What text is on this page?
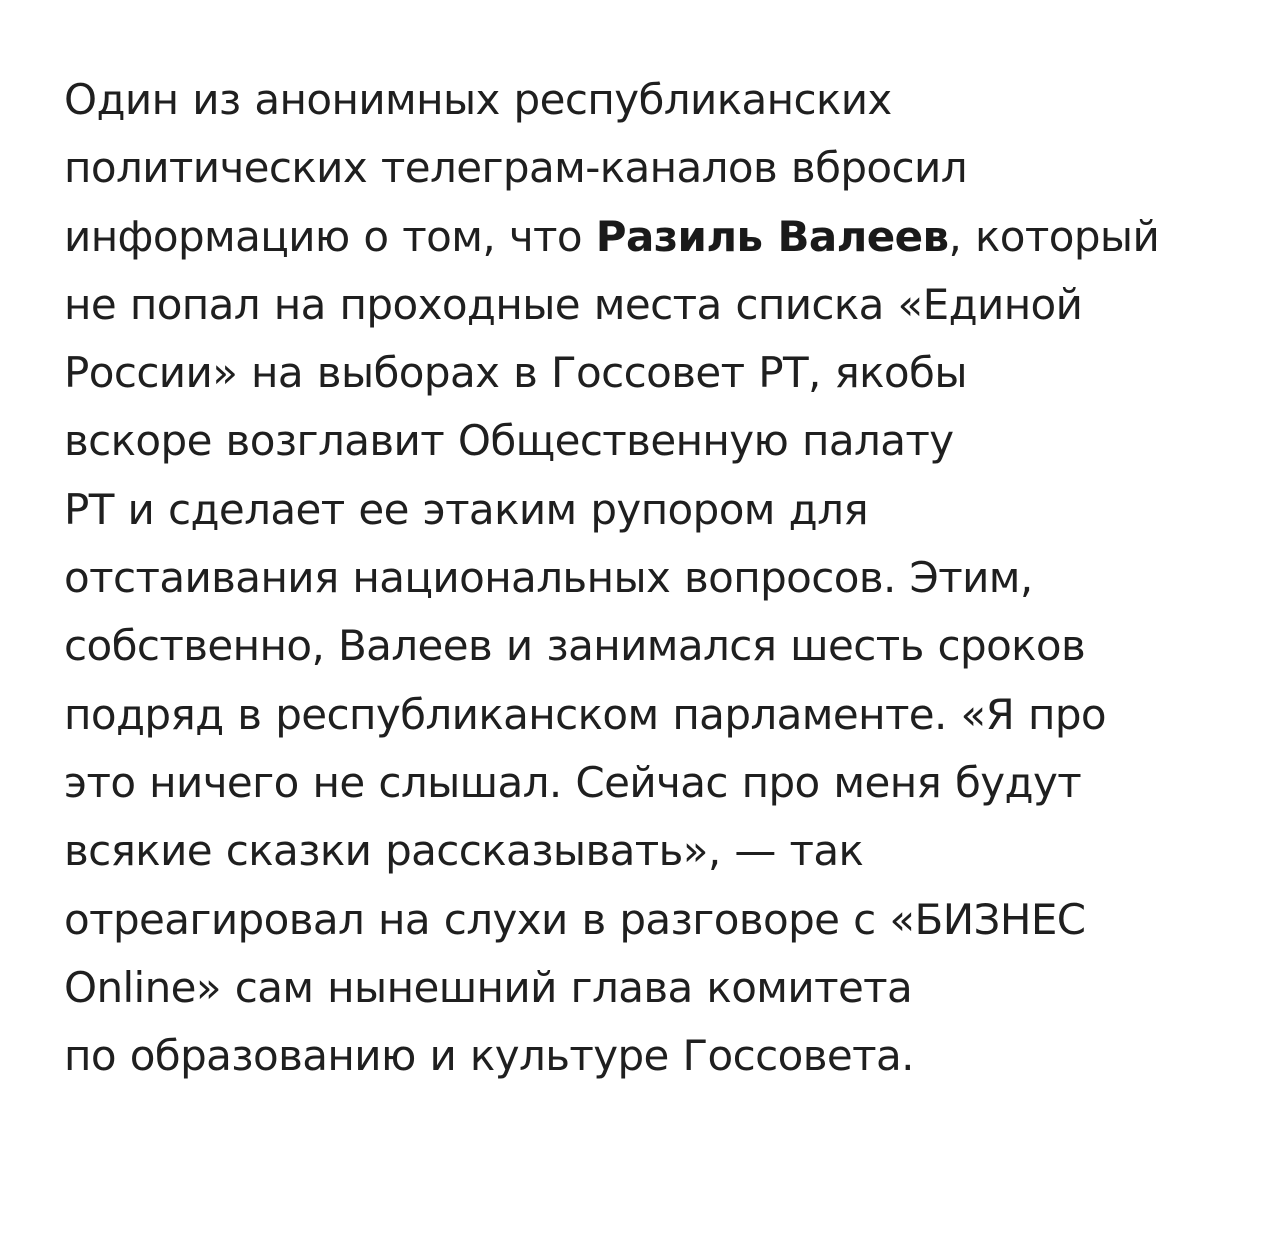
Один из анонимных республиканских
политических телеграм-каналов вбросил
информацию о том, что Разиль Валеев, который
не попал на проходные места списка «Единой
России» на выборах в Госсовет РТ, якобы
вскоре возглавит Общественную палату
РТ и сделает ее этаким рупором для
отстаивания национальных вопросов. Этим,
собственно, Валеев и занимался шесть сроков
подряд в республиканском парламенте. «Я про
это ничего не слышал. Сейчас про меня будут
всякие сказки рассказывать», — так
отреагировал на слухи в разговоре с «БИЗНЕС
Online» сам нынешний глава комитета
по образованию и культуре Госсовета.
